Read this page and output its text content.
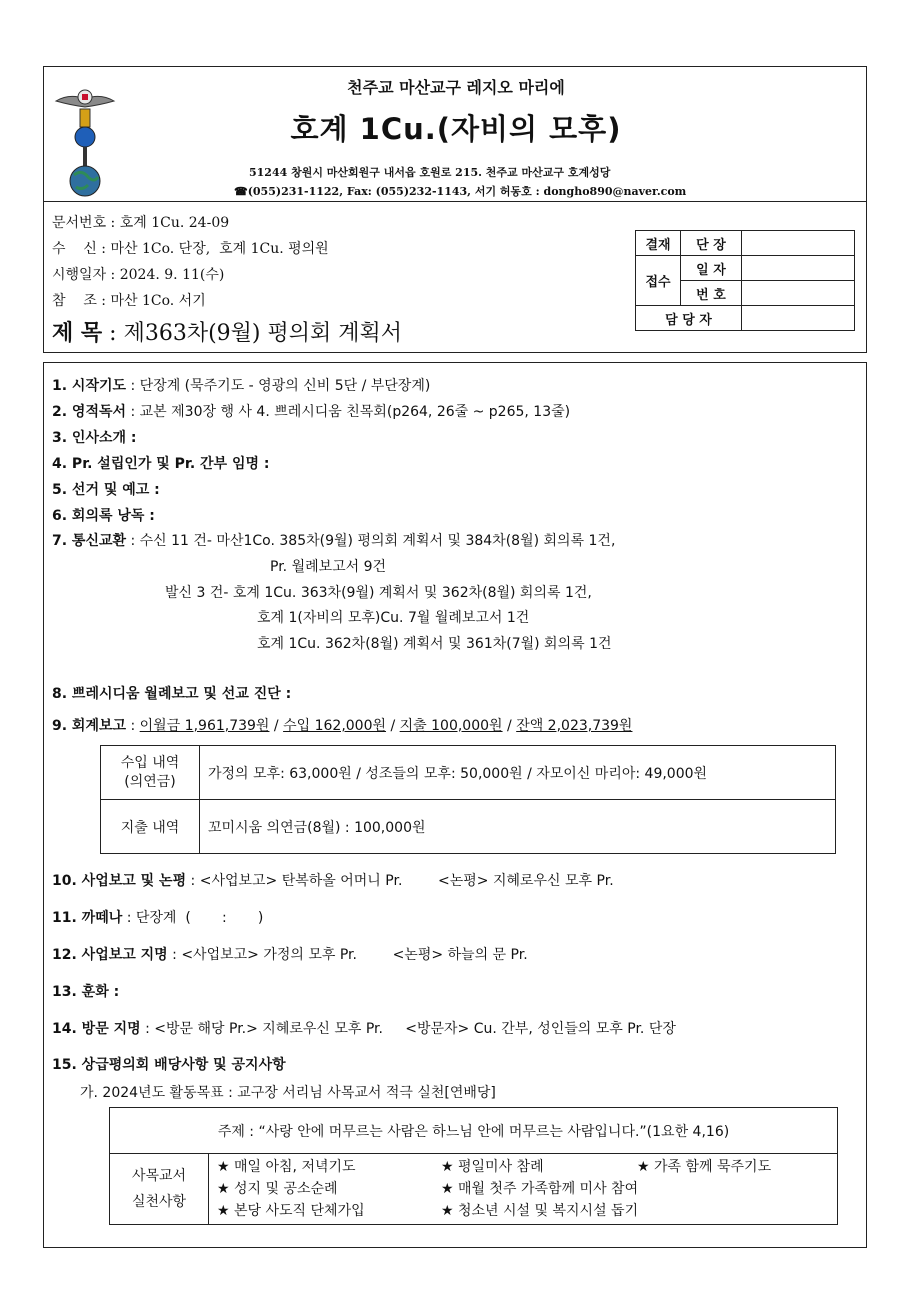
천주교 마산교구 레지오 마리에
호계 1Cu.(자비의 모후)
51244 창원시 마산회원구 내서읍 호원로 215. 천주교 마산교구 호계성당
☎(055)231-1122, Fax: (055)232-1143, 서기 허동호 : dongho890@naver.com
문서번호 : 호계 1Cu. 24-09
수    신 : 마산 1Co. 단장,  호계 1Cu. 평의원
시행일자 : 2024. 9. 11(수)
참    조 : 마산 1Co. 서기
제 목 : 제363차(9월) 평의회 계획서
결재	단 장	
접수	일 자	
	번 호	
담 당 자		
1. 시작기도 : 단장계 (묵주기도 - 영광의 신비 5단 / 부단장계)
2. 영적독서 : 교본 제30장 행 사 4. 쁘레시디움 친목회(p264, 26줄 ~ p265, 13줄)
3. 인사소개 :
4. Pr. 설립인가 및 Pr. 간부 임명 :
5. 선거 및 예고 :
6. 회의록 낭독 :
7. 통신교환 : 수신 11 건- 마산1Co. 385차(9월) 평의회 계획서 및 384차(8월) 회의록 1건,
Pr. 월례보고서 9건
발신 3 건- 호계 1Cu. 363차(9월) 계획서 및 362차(8월) 회의록 1건,
호계 1(자비의 모후)Cu. 7월 월례보고서 1건
호계 1Cu. 362차(8월) 계획서 및 361차(7월) 회의록 1건
8. 쁘레시디움 월례보고 및 선교 진단 :
9. 회계보고 : 이월금 1,961,739원 / 수입 162,000원 / 지출 100,000원 / 잔액 2,023,739원
수입 내역
(의연금)	가정의 모후: 63,000원 / 성조들의 모후: 50,000원 / 자모이신 마리아: 49,000원
지출 내역	꼬미시움 의연금(8월) : 100,000원
10. 사업보고 및 논평 : <사업보고> 탄복하올 어머니 Pr.        <논평> 지혜로우신 모후 Pr.
11. 까떼나 : 단장계  (       :       )
12. 사업보고 지명 : <사업보고> 가정의 모후 Pr.        <논평> 하늘의 문 Pr.
13. 훈화 :
14. 방문 지명 : <방문 해당 Pr.> 지혜로우신 모후 Pr.     <방문자> Cu. 간부, 성인들의 모후 Pr. 단장
15. 상급평의회 배당사항 및 공지사항
가. 2024년도 활동목표 : 교구장 서리님 사목교서 적극 실천[연배당]
주제 : “사랑 안에 머무르는 사람은 하느님 안에 머무르는 사람입니다.”(1요한 4,16)

사목교서
실천사항

★ 매일 아침, 저녁기도	★ 평일미사 참례	★ 가족 함께 묵주기도
★ 성지 및 공소순례	★ 매월 첫주 가족함께 미사 참여
★ 본당 사도직 단체가입	★ 청소년 시설 및 복지시설 돕기
